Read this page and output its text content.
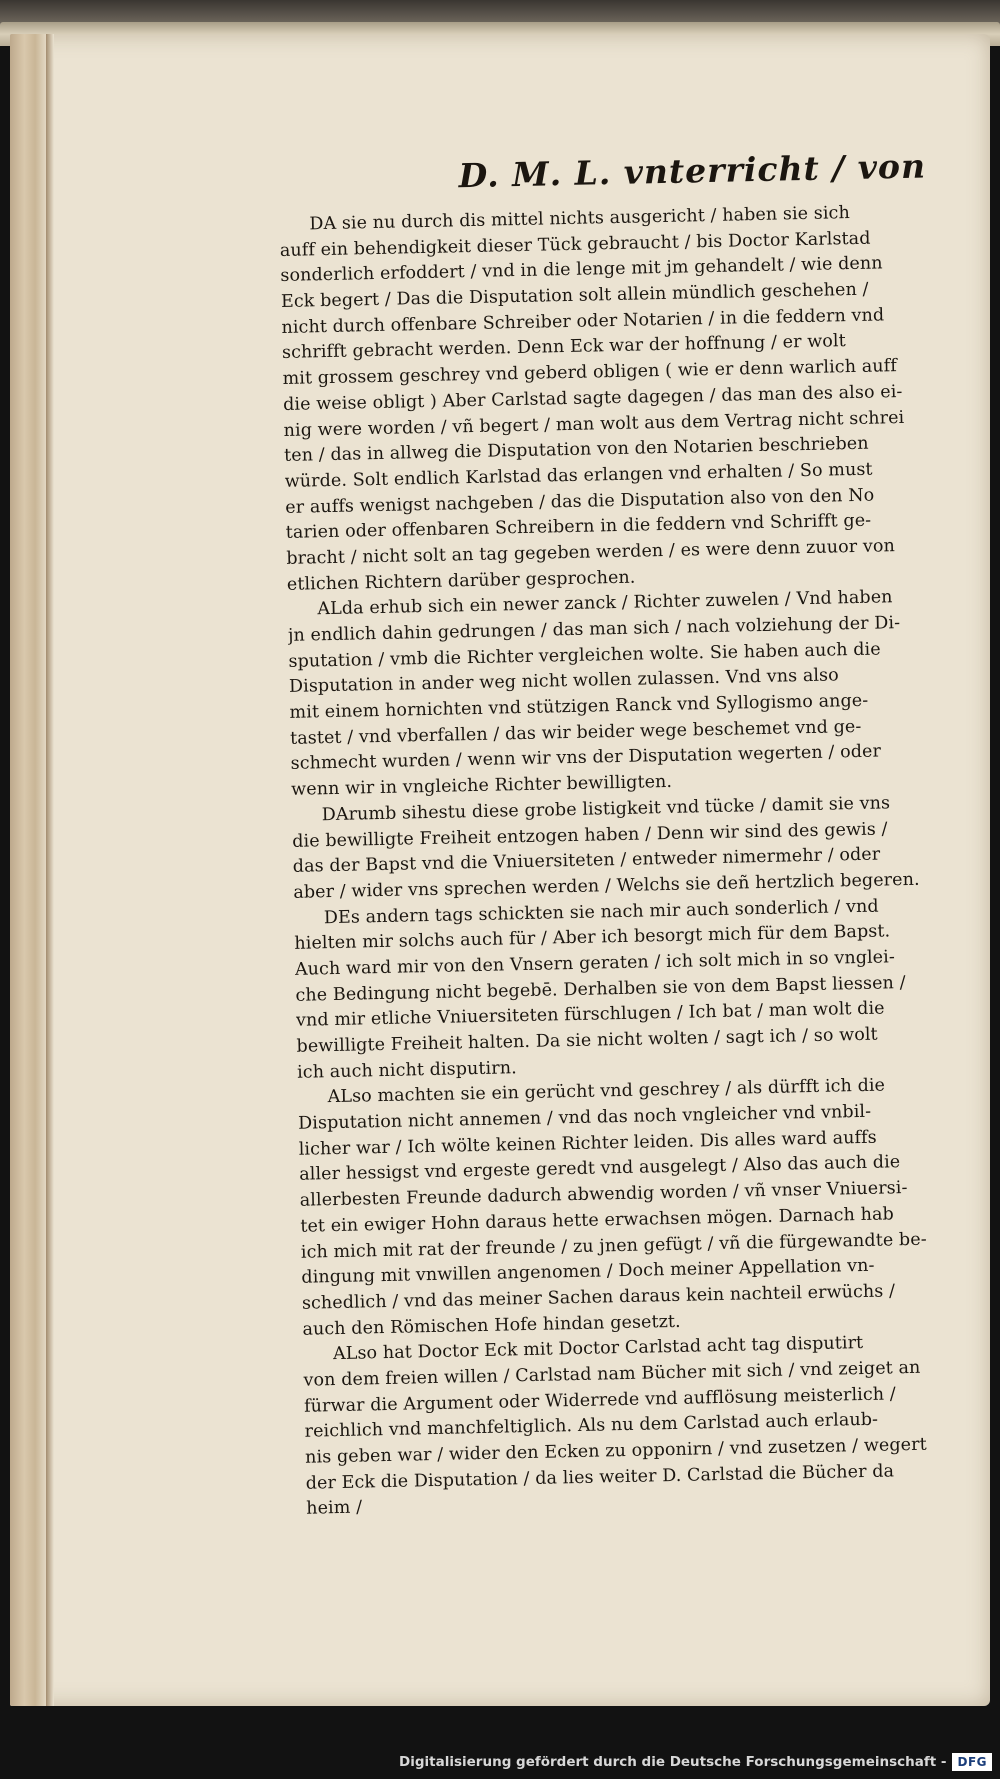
D. M. L. vnterricht / von
DA sie nu durch dis mittel nichts ausgericht / haben sie sich
auff ein behendigkeit dieser Tück gebraucht / bis Doctor Karlstad
sonderlich erfoddert / vnd in die lenge mit jm gehandelt / wie denn
Eck begert / Das die Disputation solt allein mündlich geschehen /
nicht durch offenbare Schreiber oder Notarien / in die feddern vnd
schrifft gebracht werden. Denn Eck war der hoffnung / er wolt
mit grossem geschrey vnd geberd obligen ( wie er denn warlich auff
die weise obligt ) Aber Carlstad sagte dagegen / das man des also ei-
nig were worden / vñ begert / man wolt aus dem Vertrag nicht schrei
ten / das in allweg die Disputation von den Notarien beschrieben
würde. Solt endlich Karlstad das erlangen vnd erhalten / So must
er auffs wenigst nachgeben / das die Disputation also von den No
tarien oder offenbaren Schreibern in die feddern vnd Schrifft ge-
bracht / nicht solt an tag gegeben werden / es were denn zuuor von
etlichen Richtern darüber gesprochen.
ALda erhub sich ein newer zanck / Richter zuwelen / Vnd haben
jn endlich dahin gedrungen / das man sich / nach volziehung der Di-
sputation / vmb die Richter vergleichen wolte. Sie haben auch die
Disputation in ander weg nicht wollen zulassen. Vnd vns also
mit einem hornichten vnd stützigen Ranck vnd Syllogismo ange-
tastet / vnd vberfallen / das wir beider wege beschemet vnd ge-
schmecht wurden / wenn wir vns der Disputation wegerten / oder
wenn wir in vngleiche Richter bewilligten.
DArumb sihestu diese grobe listigkeit vnd tücke / damit sie vns
die bewilligte Freiheit entzogen haben / Denn wir sind des gewis /
das der Bapst vnd die Vniuersiteten / entweder nimermehr / oder
aber / wider vns sprechen werden / Welchs sie deñ hertzlich begeren.
DEs andern tags schickten sie nach mir auch sonderlich / vnd
hielten mir solchs auch für / Aber ich besorgt mich für dem Bapst.
Auch ward mir von den Vnsern geraten / ich solt mich in so vnglei-
che Bedingung nicht begebē. Derhalben sie von dem Bapst liessen /
vnd mir etliche Vniuersiteten fürschlugen / Ich bat / man wolt die
bewilligte Freiheit halten. Da sie nicht wolten / sagt ich / so wolt
ich auch nicht disputirn.
ALso machten sie ein gerücht vnd geschrey / als dürfft ich die
Disputation nicht annemen / vnd das noch vngleicher vnd vnbil-
licher war / Ich wölte keinen Richter leiden. Dis alles ward auffs
aller hessigst vnd ergeste geredt vnd ausgelegt / Also das auch die
allerbesten Freunde dadurch abwendig worden / vñ vnser Vniuersi-
tet ein ewiger Hohn daraus hette erwachsen mögen. Darnach hab
ich mich mit rat der freunde / zu jnen gefügt / vñ die fürgewandte be-
dingung mit vnwillen angenomen / Doch meiner Appellation vn-
schedlich / vnd das meiner Sachen daraus kein nachteil erwüchs /
auch den Römischen Hofe hindan gesetzt.
ALso hat Doctor Eck mit Doctor Carlstad acht tag disputirt
von dem freien willen / Carlstad nam Bücher mit sich / vnd zeiget an
fürwar die Argument oder Widerrede vnd aufflösung meisterlich /
reichlich vnd manchfeltiglich. Als nu dem Carlstad auch erlaub-
nis geben war / wider den Ecken zu opponirn / vnd zusetzen / wegert
der Eck die Disputation / da lies weiter D. Carlstad die Bücher da
heim /
Digitalisierung gefördert durch die Deutsche Forschungsgemeinschaft - DFG
